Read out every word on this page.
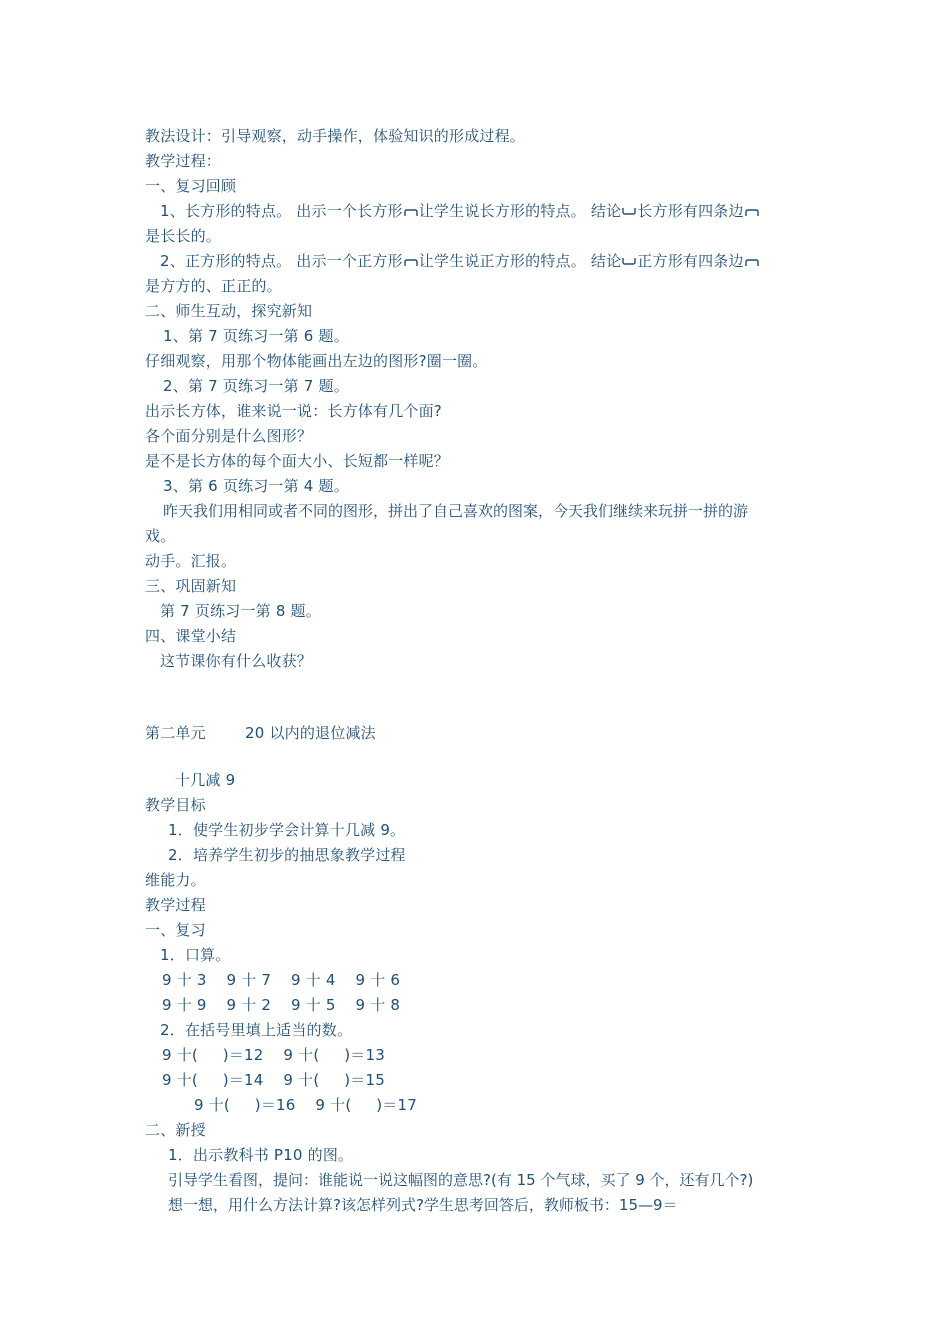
教法设计：引导观察，动手操作，体验知识的形成过程。
教学过程：
一、复习回顾
1、长方形的特点。 出示一个长方形 让学生说长方形的特点。 结论 长方形有四条边
是长长的。
2、正方形的特点。 出示一个正方形 让学生说正方形的特点。 结论 正方形有四条边
是方方的、正正的。
二、师生互动，探究新知
1、第 7 页练习一第 6 题。
仔细观察，用那个物体能画出左边的图形?圈一圈。
2、第 7 页练习一第 7 题。
出示长方体，谁来说一说：长方体有几个面?
各个面分别是什么图形？
是不是长方体的每个面大小、长短都一样呢？
3、第 6 页练习一第 4 题。
昨天我们用相同或者不同的图形，拼出了自己喜欢的图案，今天我们继续来玩拼一拼的游
戏。
动手。汇报。
三、巩固新知
第 7 页练习一第 8 题。
四、课堂小结
这节课你有什么收获？
第二单元	20 以内的退位减法
十几减 9
教学目标
1．使学生初步学会计算十几减 9。
2．培养学生初步的抽思象教学过程
维能力。
教学过程
一、复习
1．口算。
9 十 3    9 十 7    9 十 4    9 十 6
9 十 9    9 十 2    9 十 5    9 十 8
2．在括号里填上适当的数。
9 十(     )＝12    9 十(     )＝13
9 十(     )＝14    9 十(     )＝15
9 十(     )＝16    9 十(     )＝17
二、新授
1．出示教科书 P10 的图。
引导学生看图，提问：谁能说一说这幅图的意思?(有 15 个气球，买了 9 个，还有几个?)
想一想，用什么方法计算?该怎样列式?学生思考回答后，教师板书：15—9＝
